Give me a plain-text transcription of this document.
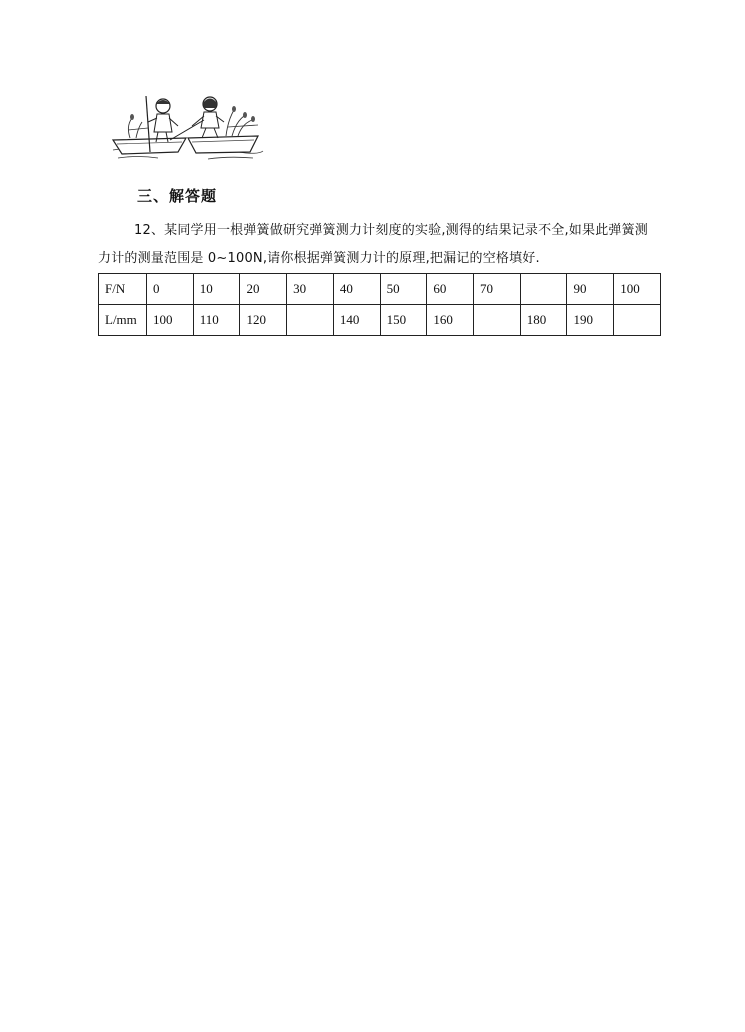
三、解答题
12、某同学用一根弹簧做研究弹簧测力计刻度的实验,测得的结果记录不全,如果此弹簧测力计的测量范围是 0~100N,请你根据弹簧测力计的原理,把漏记的空格填好.
F/N	0	10	20	30	40	50	60	70		90	100
L/mm	100	110	120		140	150	160		180	190	
